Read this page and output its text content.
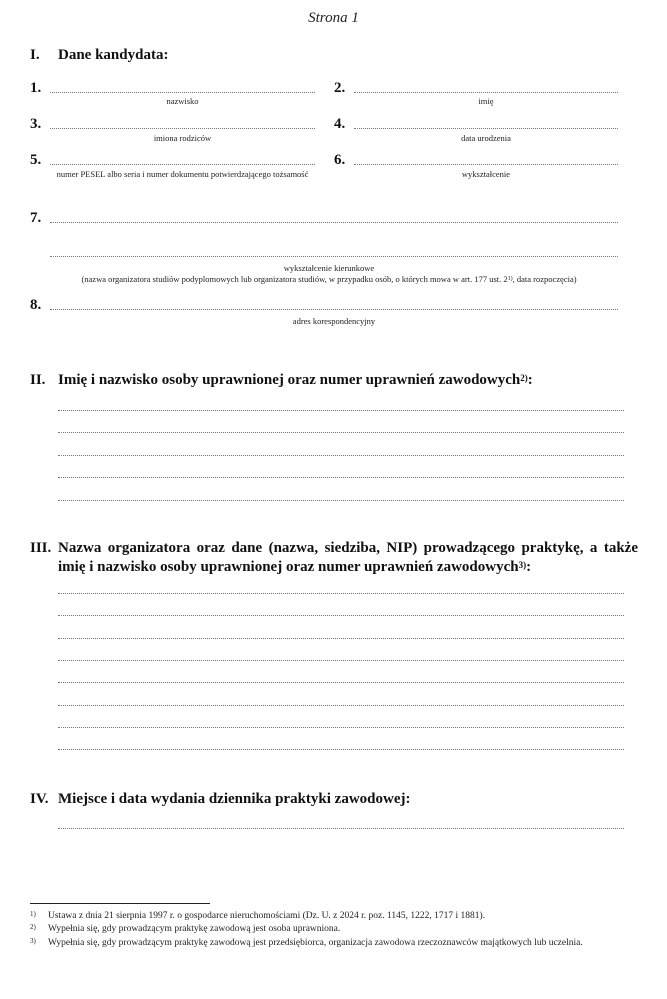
Strona 1
I. Dane kandydata:
1.
nazwisko
2.
imię
3.
imiona rodziców
4.
data urodzenia
5.
numer PESEL albo seria i numer dokumentu potwierdzającego tożsamość
6.
wykształcenie
7.
wykształcenie kierunkowe
(nazwa organizatora studiów podyplomowych lub organizatora studiów, w przypadku osób, o których mowa w art. 177 ust. 2$^{1)}$, data rozpoczęcia)
8.
adres korespondencyjny
II. Imię i nazwisko osoby uprawnionej oraz numer uprawnień zawodowych$^{2)}$:
III. Nazwa organizatora oraz dane (nazwa, siedziba, NIP) prowadzącego praktykę, a także
imię i nazwisko osoby uprawnionej oraz numer uprawnień zawodowych$^{3)}$:
IV. Miejsce i data wydania dziennika praktyki zawodowej:
1) Ustawa z dnia 21 sierpnia 1997 r. o gospodarce nieruchomościami (Dz. U. z 2024 r. poz. 1145, 1222, 1717 i 1881).
2) Wypełnia się, gdy prowadzącym praktykę zawodową jest osoba uprawniona.
3) Wypełnia się, gdy prowadzącym praktykę zawodową jest przedsiębiorca, organizacja zawodowa rzeczoznawców majątkowych lub uczelnia.
